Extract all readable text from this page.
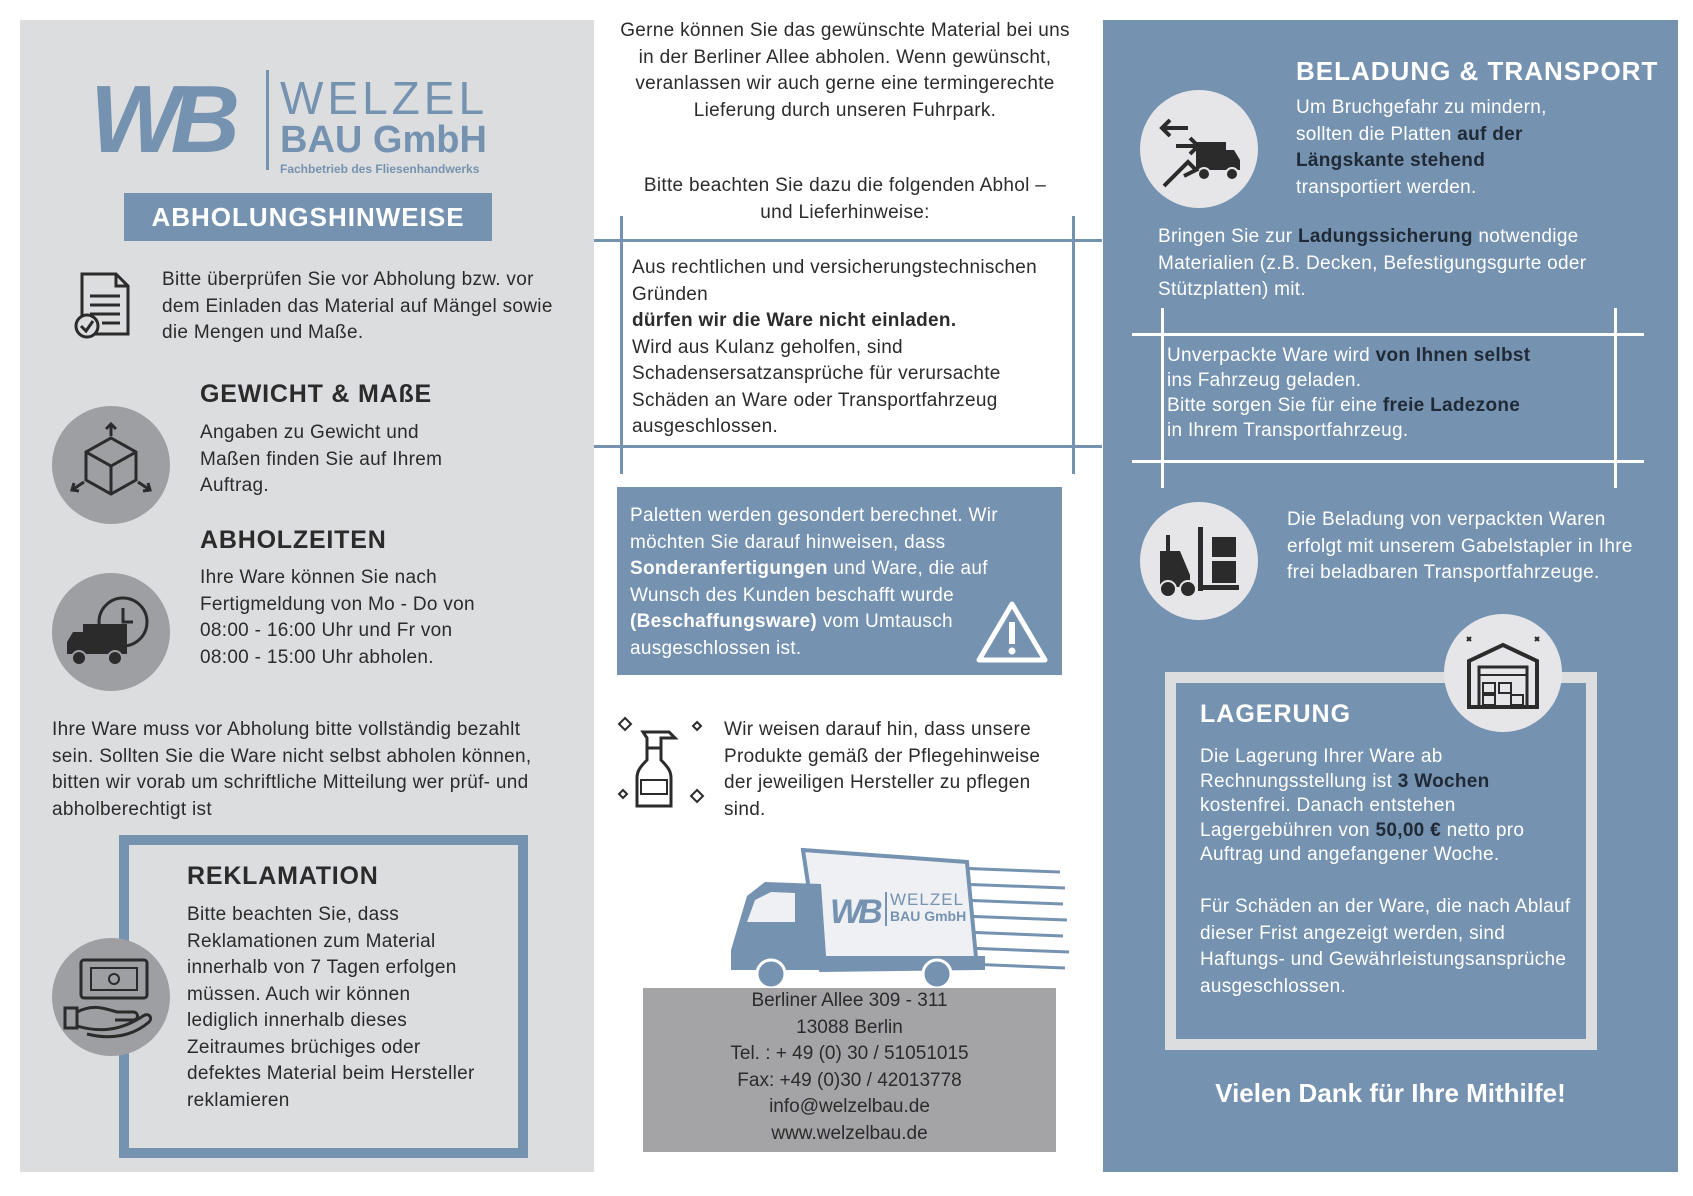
WB WELZEL
BAU GmbH
Fachbetrieb des Fliesenhandwerks
ABHOLUNGSHINWEISE
Bitte überprüfen Sie vor Abholung bzw. vor dem Einladen das Material auf Mängel sowie die Mengen und Maße.
GEWICHT & MAßE
Angaben zu Gewicht und Maßen finden Sie auf Ihrem Auftrag.
ABHOLZEITEN
Ihre Ware können Sie nach Fertigmeldung von Mo - Do von 08:00 - 16:00 Uhr und Fr von 08:00 - 15:00 Uhr abholen.
Ihre Ware muss vor Abholung bitte vollständig bezahlt sein. Sollten Sie die Ware nicht selbst abholen können, bitten wir vorab um schriftliche Mitteilung wer prüf- und abholberechtigt ist
REKLAMATION
Bitte beachten Sie, dass Reklamationen zum Material innerhalb von 7 Tagen erfolgen müssen. Auch wir können lediglich innerhalb dieses Zeitraumes brüchiges oder defektes Material beim Hersteller reklamieren
Gerne können Sie das gewünschte Material bei uns in der Berliner Allee abholen. Wenn gewünscht, veranlassen wir auch gerne eine termingerechte Lieferung durch unseren Fuhrpark.
Bitte beachten Sie dazu die folgenden Abhol – und Lieferhinweise:
Aus rechtlichen und versicherungstechnischen Gründen
dürfen wir die Ware nicht einladen.
Wird aus Kulanz geholfen, sind Schadensersatzansprüche für verursachte Schäden an Ware oder Transportfahrzeug ausgeschlossen.
Paletten werden gesondert berechnet. Wir möchten Sie darauf hinweisen, dass Sonderanfertigungen und Ware, die auf Wunsch des Kunden beschafft wurde (Beschaffungsware) vom Umtausch ausgeschlossen ist.
Wir weisen darauf hin, dass unsere Produkte gemäß der Pflegehinweise der jeweiligen Hersteller zu pflegen sind.
WB WELZEL
BAU GmbH
Berliner Allee 309 - 311
13088 Berlin
Tel. : + 49 (0) 30 / 51051015
Fax: +49 (0)30 / 42013778
info@welzelbau.de
www.welzelbau.de
BELADUNG & TRANSPORT
Um Bruchgefahr zu mindern, sollten die Platten auf der Längskante stehend
transportiert werden.
Bringen Sie zur Ladungssicherung notwendige Materialien (z.B. Decken, Befestigungsgurte oder Stützplatten) mit.
Unverpackte Ware wird von Ihnen selbst
ins Fahrzeug geladen.
Bitte sorgen Sie für eine freie Ladezone
in Ihrem Transportfahrzeug.
Die Beladung von verpackten Waren erfolgt mit unserem Gabelstapler in Ihre frei beladbaren Transportfahrzeuge.
LAGERUNG
Die Lagerung Ihrer Ware ab Rechnungsstellung ist 3 Wochen kostenfrei. Danach entstehen Lagergebühren von 50,00 € netto pro Auftrag und angefangener Woche.
Für Schäden an der Ware, die nach Ablauf dieser Frist angezeigt werden, sind Haftungs- und Gewährleistungsansprüche ausgeschlossen.
Vielen Dank für Ihre Mithilfe!
